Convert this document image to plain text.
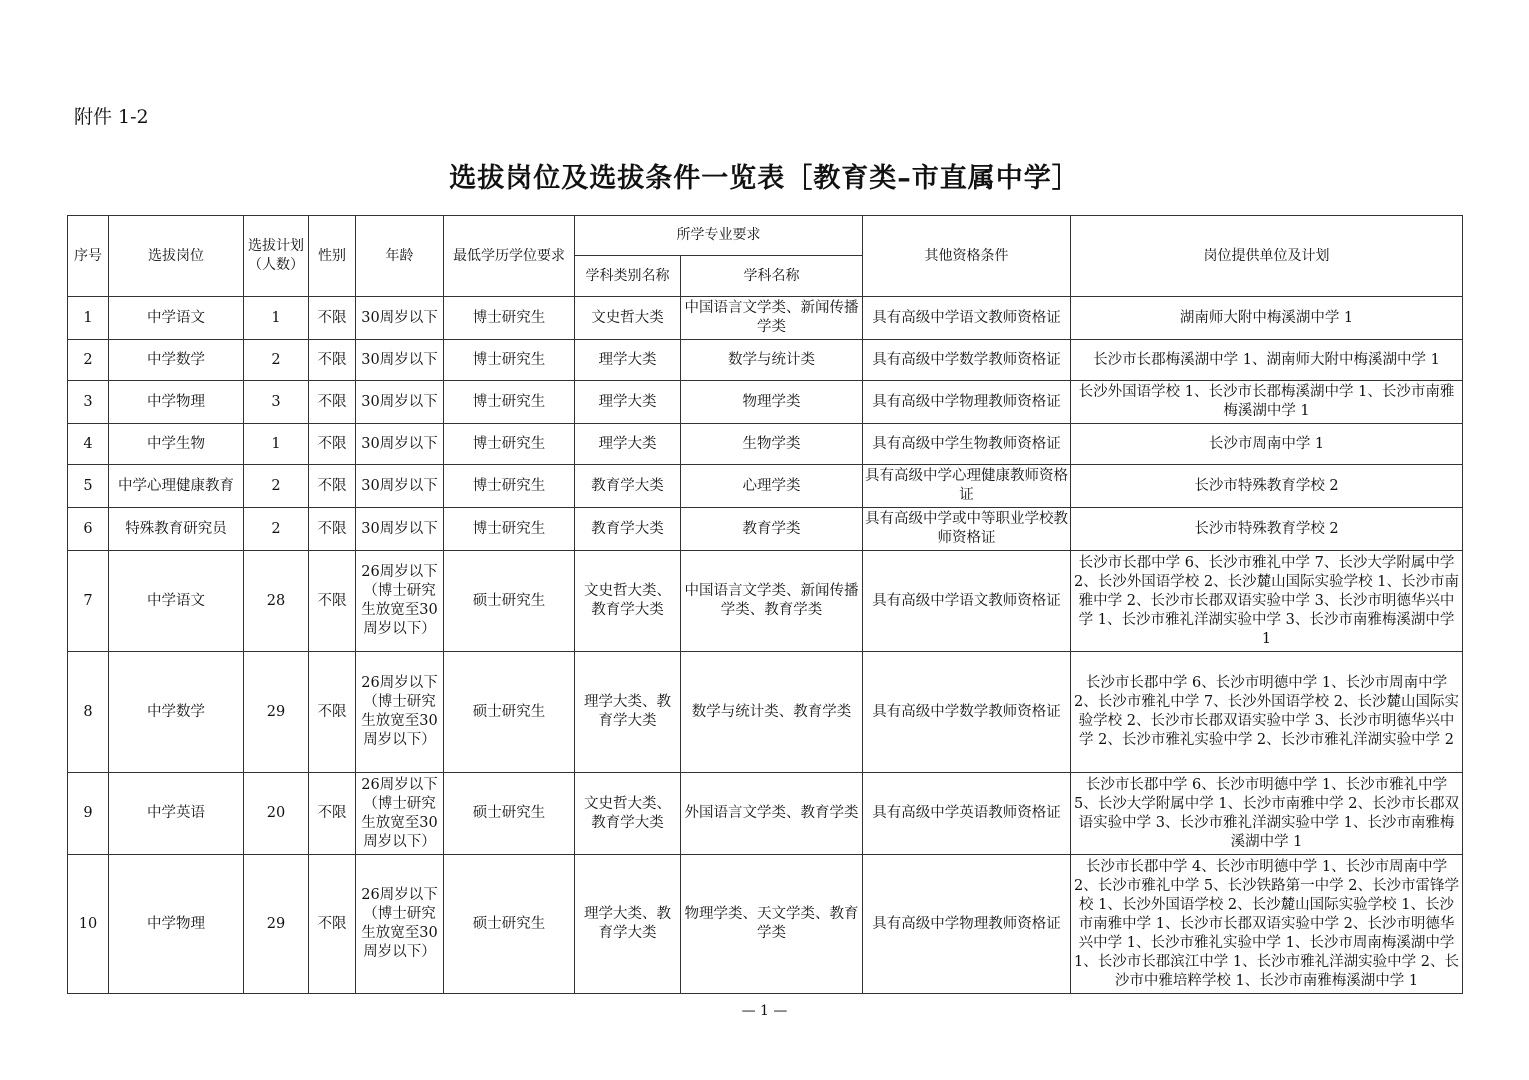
附件 1-2
选拔岗位及选拔条件一览表［教育类–市直属中学］
序号	选拔岗位	选拔计划（人数）	性别	年龄	最低学历学位要求	所学专业要求		其他资格条件	岗位提供单位及计划
						学科类别名称	学科名称		
1	中学语文	1	不限	30周岁以下	博士研究生	文史哲大类	中国语言文学类、新闻传播学类	具有高级中学语文教师资格证	湖南师大附中梅溪湖中学 1
2	中学数学	2	不限	30周岁以下	博士研究生	理学大类	数学与统计类	具有高级中学数学教师资格证	长沙市长郡梅溪湖中学 1、湖南师大附中梅溪湖中学 1
3	中学物理	3	不限	30周岁以下	博士研究生	理学大类	物理学类	具有高级中学物理教师资格证	长沙外国语学校 1、长沙市长郡梅溪湖中学 1、长沙市南雅梅溪湖中学 1
4	中学生物	1	不限	30周岁以下	博士研究生	理学大类	生物学类	具有高级中学生物教师资格证	长沙市周南中学 1
5	中学心理健康教育	2	不限	30周岁以下	博士研究生	教育学大类	心理学类	具有高级中学心理健康教师资格证	长沙市特殊教育学校 2
6	特殊教育研究员	2	不限	30周岁以下	博士研究生	教育学大类	教育学类	具有高级中学或中等职业学校教师资格证	长沙市特殊教育学校 2
7	中学语文	28	不限	26周岁以下（博士研究生放宽至30周岁以下）	硕士研究生	文史哲大类、教育学大类	中国语言文学类、新闻传播学类、教育学类	具有高级中学语文教师资格证	长沙市长郡中学 6、长沙市雅礼中学 7、长沙大学附属中学 2、长沙外国语学校 2、长沙麓山国际实验学校 1、长沙市南雅中学 2、长沙市长郡双语实验中学 3、长沙市明德华兴中学 1、长沙市雅礼洋湖实验中学 3、长沙市南雅梅溪湖中学 1
8	中学数学	29	不限	26周岁以下（博士研究生放宽至30周岁以下）	硕士研究生	理学大类、教育学大类	数学与统计类、教育学类	具有高级中学数学教师资格证	长沙市长郡中学 6、长沙市明德中学 1、长沙市周南中学 2、长沙市雅礼中学 7、长沙外国语学校 2、长沙麓山国际实验学校 2、长沙市长郡双语实验中学 3、长沙市明德华兴中学 2、长沙市雅礼实验中学 2、长沙市雅礼洋湖实验中学 2
9	中学英语	20	不限	26周岁以下（博士研究生放宽至30周岁以下）	硕士研究生	文史哲大类、教育学大类	外国语言文学类、教育学类	具有高级中学英语教师资格证	长沙市长郡中学 6、长沙市明德中学 1、长沙市雅礼中学 5、长沙大学附属中学 1、长沙市南雅中学 2、长沙市长郡双语实验中学 3、长沙市雅礼洋湖实验中学 1、长沙市南雅梅溪湖中学 1
10	中学物理	29	不限	26周岁以下（博士研究生放宽至30周岁以下）	硕士研究生	理学大类、教育学大类	物理学类、天文学类、教育学类	具有高级中学物理教师资格证	长沙市长郡中学 4、长沙市明德中学 1、长沙市周南中学 2、长沙市雅礼中学 5、长沙铁路第一中学 2、长沙市雷锋学校 1、长沙外国语学校 2、长沙麓山国际实验学校 1、长沙市南雅中学 1、长沙市长郡双语实验中学 2、长沙市明德华兴中学 1、长沙市雅礼实验中学 1、长沙市周南梅溪湖中学 1、长沙市长郡滨江中学 1、长沙市雅礼洋湖实验中学 2、长沙市中雅培粹学校 1、长沙市南雅梅溪湖中学 1
— 1 —
